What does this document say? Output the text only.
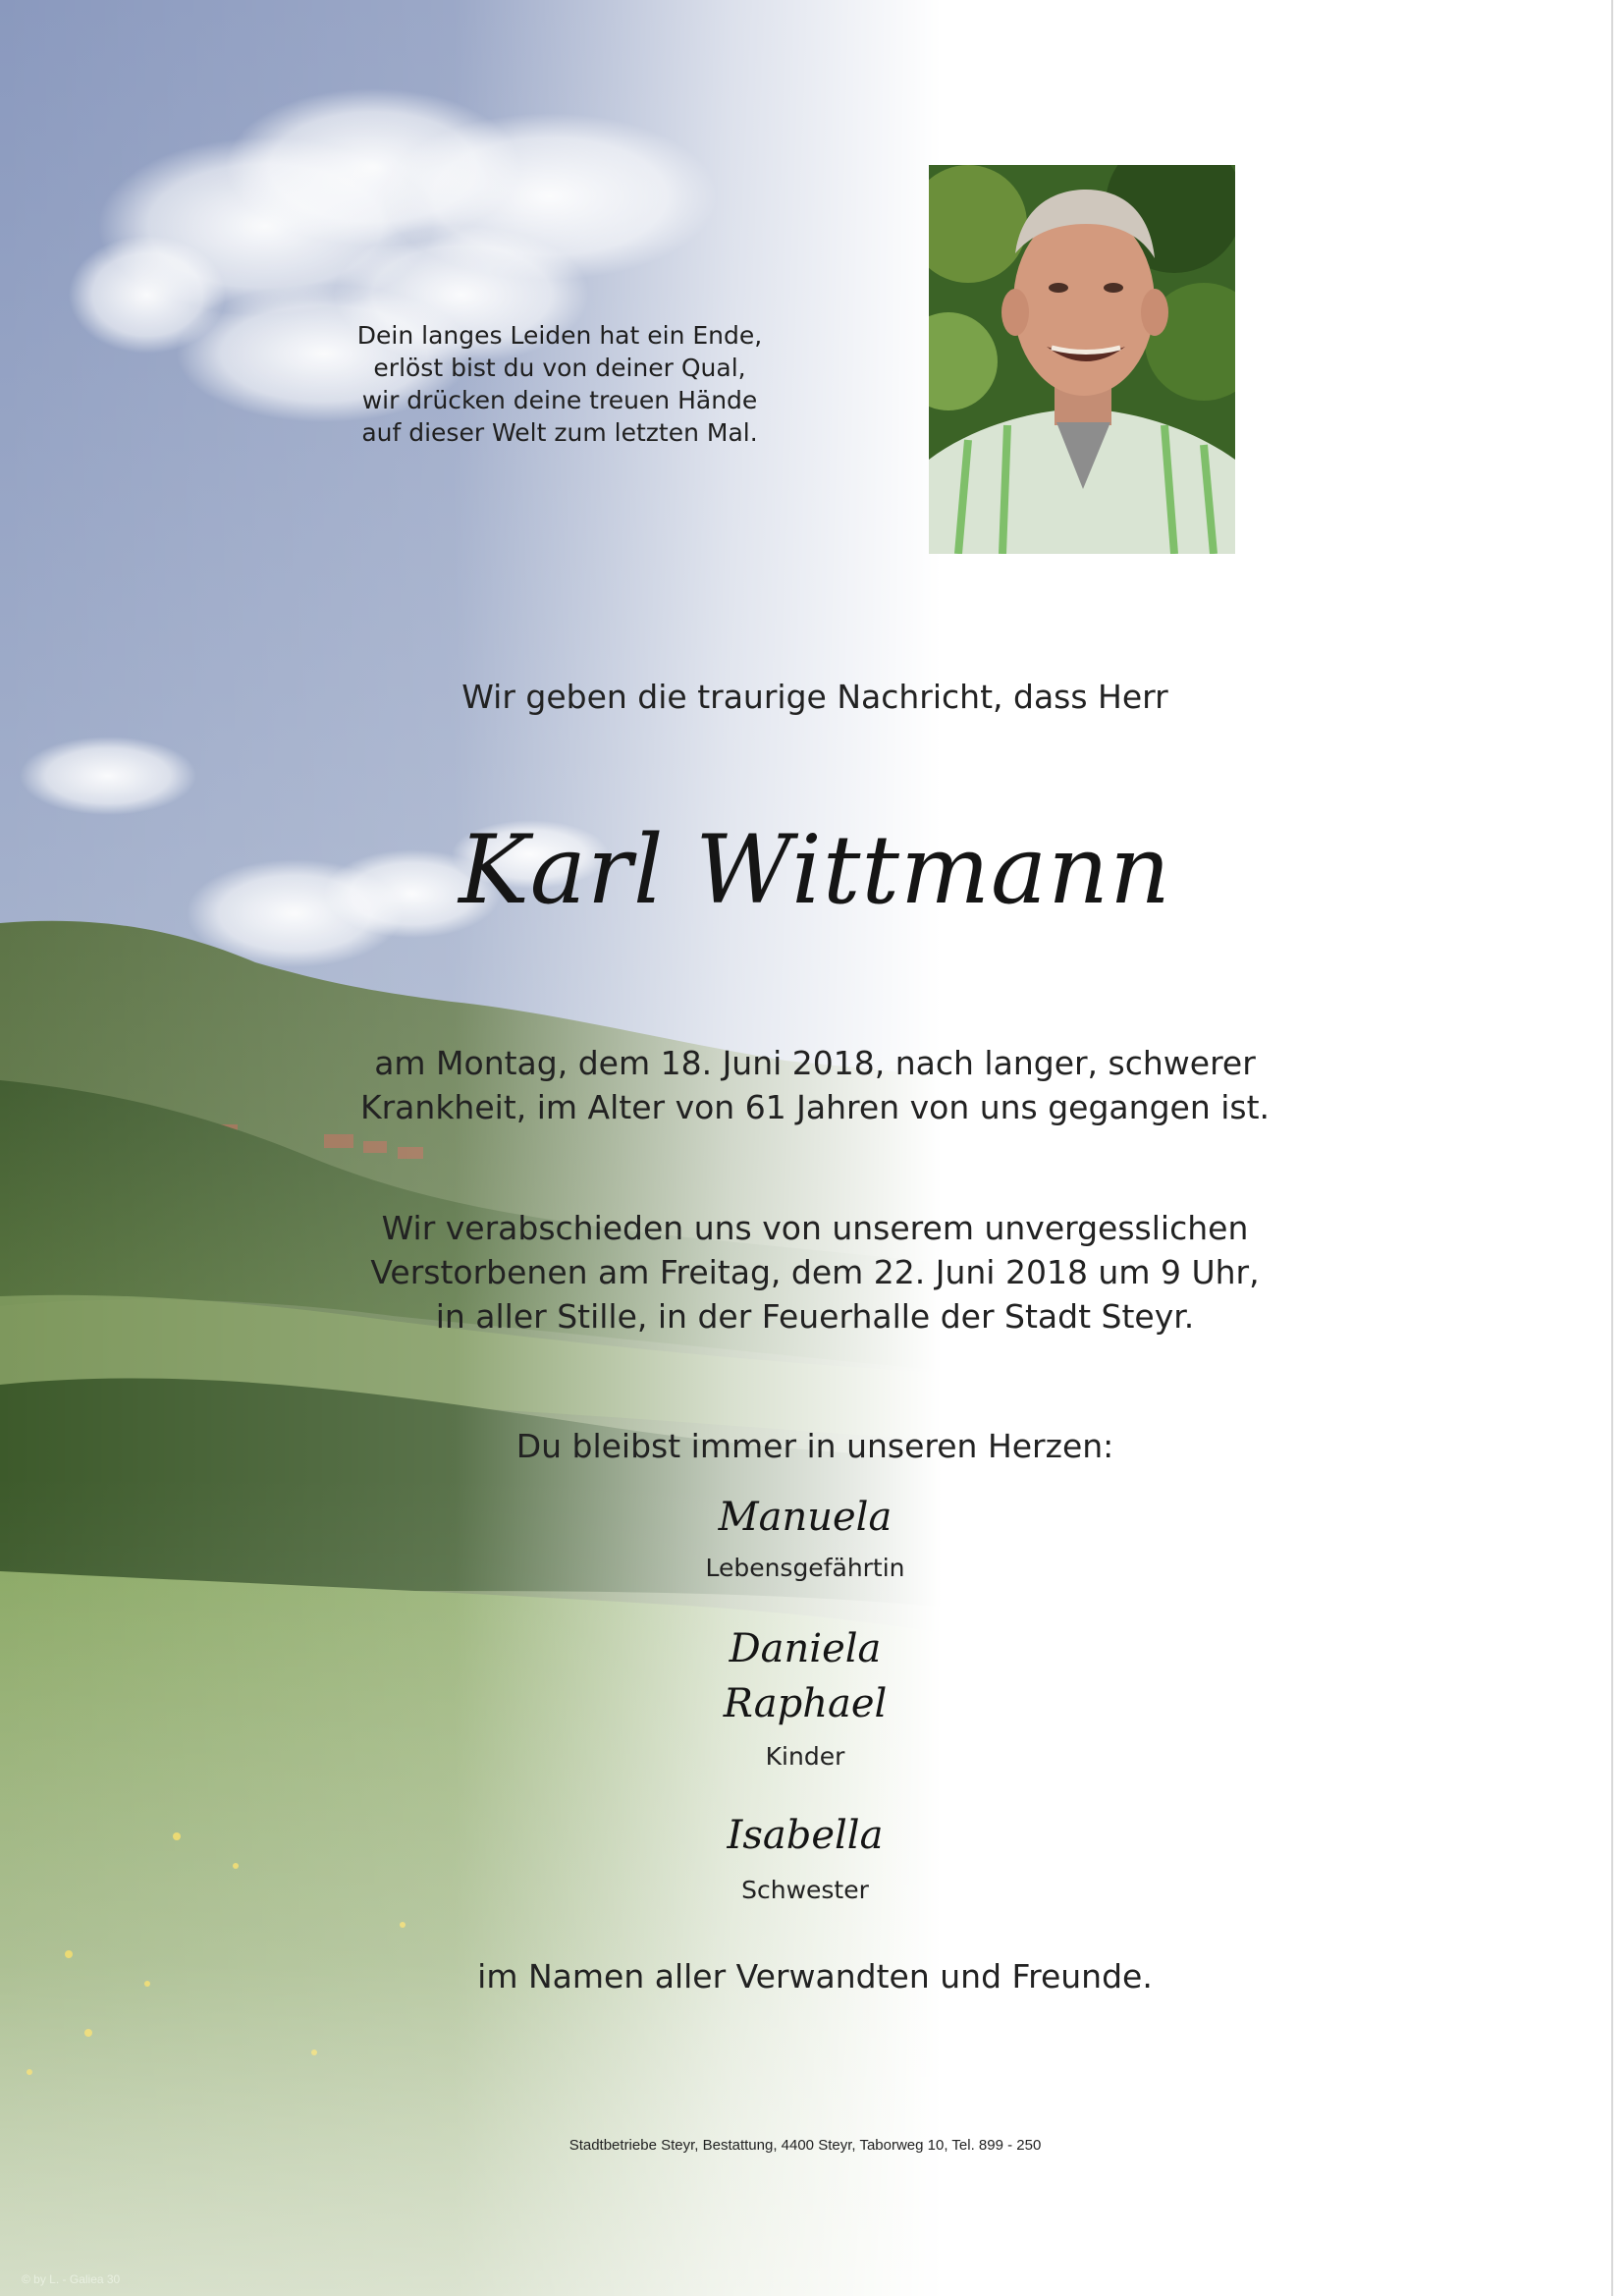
Dein langes Leiden hat ein Ende,
erlöst bist du von deiner Qual,
wir drücken deine treuen Hände
auf dieser Welt zum letzten Mal.

Wir geben die traurige Nachricht, dass Herr

Karl Wittmann

am Montag, dem 18. Juni 2018, nach langer, schwerer
Krankheit, im Alter von 61 Jahren von uns gegangen ist.
Wir verabschieden uns von unserem unvergesslichen
Verstorbenen am Freitag, dem 22. Juni 2018 um 9 Uhr,
in aller Stille, in der Feuerhalle der Stadt Steyr.

Du bleibst immer in unseren Herzen:

Manuela

Lebensgefährtin

Daniela

Raphael

Kinder

Isabella

Schwester

im Namen aller Verwandten und Freunde.

Stadtbetriebe Steyr, Bestattung, 4400 Steyr, Taborweg 10, Tel. 899 - 250

© by L. - Galiea 30
